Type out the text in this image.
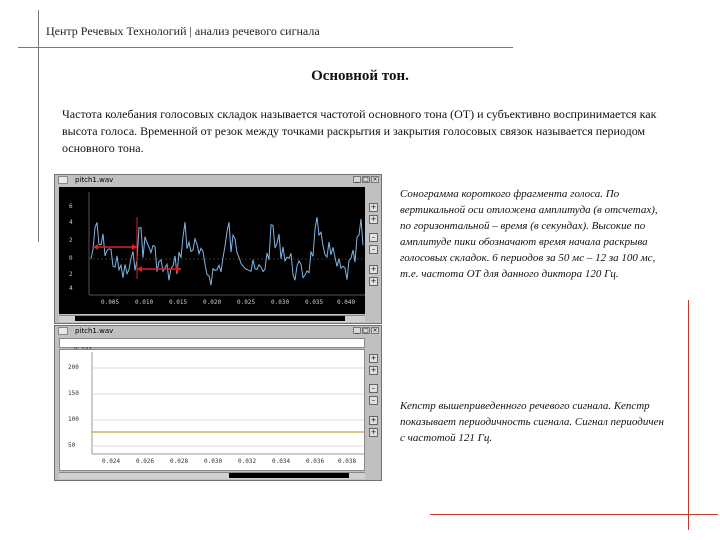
Центр Речевых Технологий | анализ речевого сигнала
Основной тон.
Частота колебания голосовых складок называется частотой основного тона (ОТ) и субъективно воспринимается как высота голоса. Временной от резок между точками раскрытия и закрытия голосовых связок называется периодом основного тона.
pitch1.wav	_ □ ×
6
4
2
0
2
4
0.005	0.010	0.015	0.020	0.025	0.030	0.035 0.040
+
+
–
–
+
+
pitch1.wav	_ □ ×
200
150
100
50
0.024	0.026	0.028	0.030	0.032	0.034	0.036 0.038
+
+
–
–
+
+
Сонограмма короткого фрагмента голоса. По вертикальной оси отложена амплитуда (в отсчетах), по горизонтальной – время (в секундах). Высокие по амплитуде пики обозначают время начала раскрыва голосовых складок. 6 периодов за 50 мс – 12 за 100 мс, т.е. частота ОТ для данного диктора 120 Гц.
Кепстр вышеприведенного речевого сигнала. Кепстр показывает периодичность сигнала. Сигнал периодичен с частотой 121 Гц.
